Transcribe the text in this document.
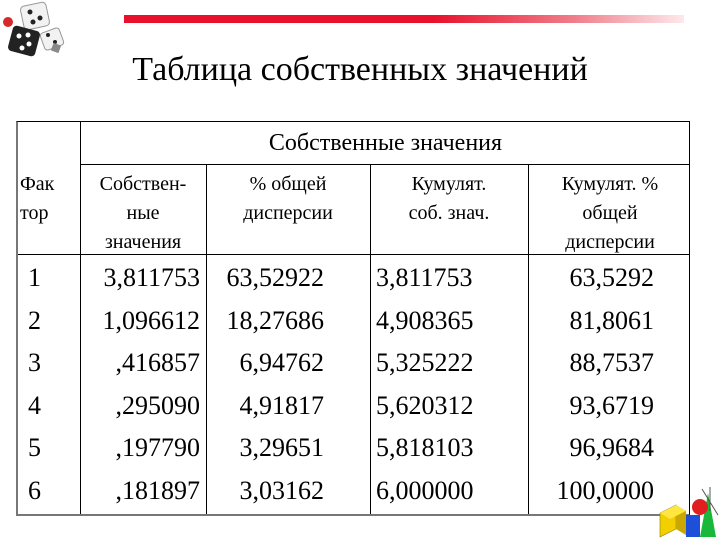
Таблица собственных значений
Собственные значения
Фак
тор
Собствен-
ные
значения
% общей
дисперсии
Кумулят.
соб. знач.
Кумулят. %
общей
дисперсии
1
2
3
4
5
6
3,811753
1,096612
,416857
,295090
,197790
,181897
63,52922
18,27686
6,94762
4,91817
3,29651
3,03162
3,811753
4,908365
5,325222
5,620312
5,818103
6,000000
63,5292
81,8061
88,7537
93,6719
96,9684
100,0000
